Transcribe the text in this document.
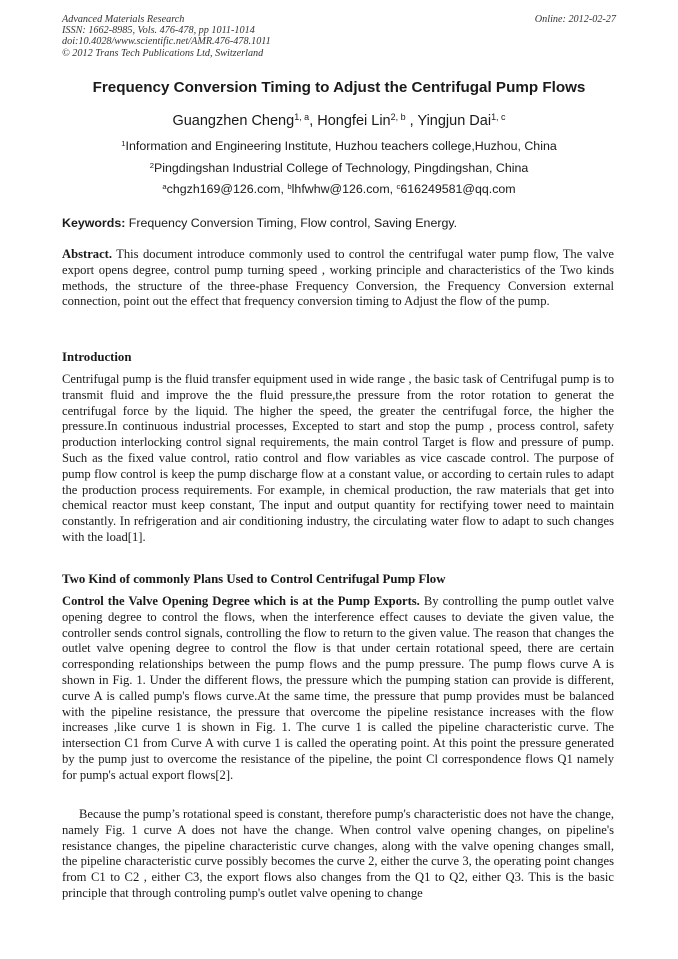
Advanced Materials Research
ISSN: 1662-8985, Vols. 476-478, pp 1011-1014
doi:10.4028/www.scientific.net/AMR.476-478.1011
© 2012 Trans Tech Publications Ltd, Switzerland
Online: 2012-02-27
Frequency Conversion Timing to Adjust the Centrifugal Pump Flows
Guangzhen Cheng$^{1, a}$, Hongfei Lin$^{2, b}$ , Yingjun Dai$^{1, c}$
$^1$Information and Engineering Institute, Huzhou teachers college,Huzhou, China
$^2$Pingdingshan Industrial College of Technology, Pingdingshan, China
$^a$chgzh169@126.com, $^b$lhfwhw@126.com, $^c$616249581@qq.com
Keywords: Frequency Conversion Timing, Flow control, Saving Energy.
Abstract. This document introduce commonly used to control the centrifugal water pump flow, The valve export opens degree, control pump turning speed , working principle and characteristics of the Two kinds methods, the structure of the three-phase Frequency Conversion, the Frequency Conversion external connection, point out the effect that frequency conversion timing to Adjust the flow of the pump.
Introduction
Centrifugal pump is the fluid transfer equipment used in wide range , the basic task of Centrifugal pump is to transmit fluid and improve the the fluid pressure,the pressure from the rotor rotation to generat the centrifugal force by the liquid. The higher the speed, the greater the centrifugal force, the higher the pressure.In continuous industrial processes, Excepted to start and stop the pump , process control, safety production interlocking control signal requirements, the main control Target is flow and pressure of pump. Such as the fixed value control, ratio control and flow variables as vice cascade control. The purpose of pump flow control is keep the pump discharge flow at a constant value, or according to certain rules to adapt the production process requirements. For example, in chemical production, the raw materials that get into chemical reactor must keep constant, The input and output quantity for rectifying tower need to maintain constantly. In refrigeration and air conditioning industry, the circulating water flow to adapt to such changes with the load[1].
Two Kind of commonly Plans Used to Control Centrifugal Pump Flow
Control the Valve Opening Degree which is at the Pump Exports. By controlling the pump outlet valve opening degree to control the flows, when the interference effect causes to deviate the given value, the controller sends control signals, controlling the flow to return to the given value. The reason that changes the outlet valve opening degree to control the flow is that under certain rotational speed, there are certain corresponding relationships between the pump flows and the pump pressure. The pump flows curve A is shown in Fig. 1. Under the different flows, the pressure which the pumping station can provide is different, curve A is called pump's flows curve.At the same time, the pressure that pump provides must be balanced with the pipeline resistance, the pressure that overcome the pipeline resistance increases with the flow increases ,like curve 1 is shown in Fig. 1. The curve 1 is called the pipeline characteristic curve. The intersection C1 from Curve A with curve 1 is called the operating point. At this point the pressure generated by the pump just to overcome the resistance of the pipeline, the point Cl correspondence flows Q1 namely for pump's actual export flows[2].
Because the pump’s rotational speed is constant, therefore pump's characteristic does not have the change, namely Fig. 1 curve A does not have the change. When control valve opening changes, on pipeline's resistance changes, the pipeline characteristic curve changes, along with the valve opening changes small, the pipeline characteristic curve possibly becomes the curve 2, either the curve 3, the operating point changes from C1 to C2 , either C3, the export flows also changes from the Q1 to Q2, either Q3. This is the basic principle that through controling pump's outlet valve opening to change
